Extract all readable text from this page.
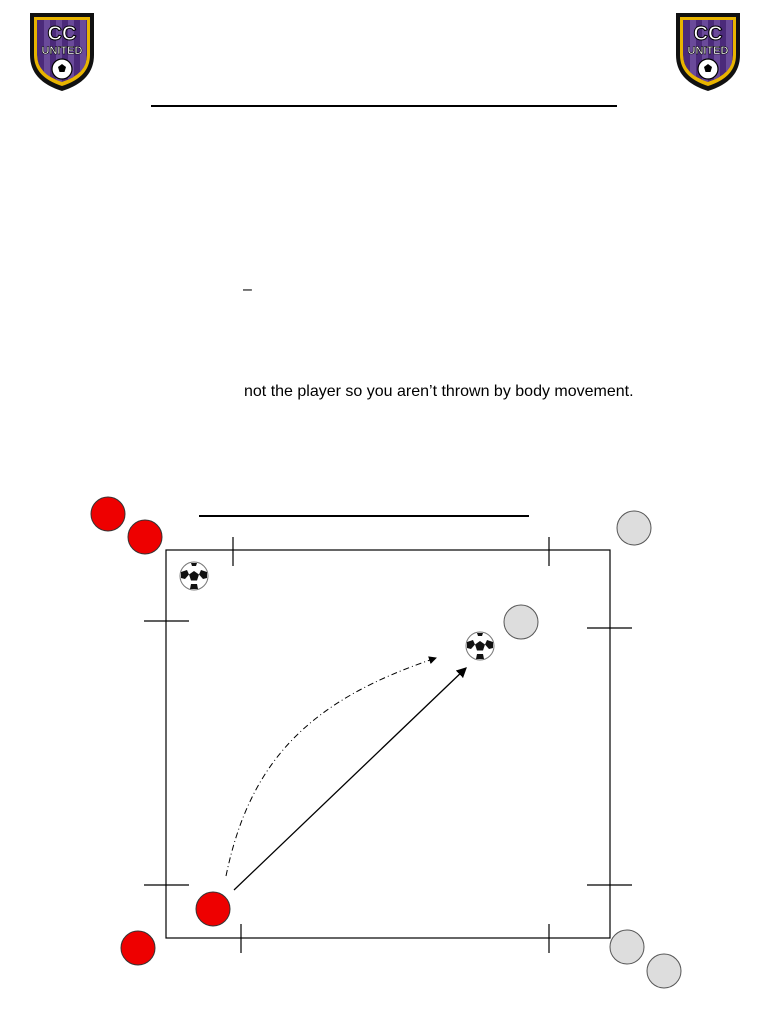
CC
UNITED
CC
UNITED
–
not the player so you aren’t thrown by body movement.
